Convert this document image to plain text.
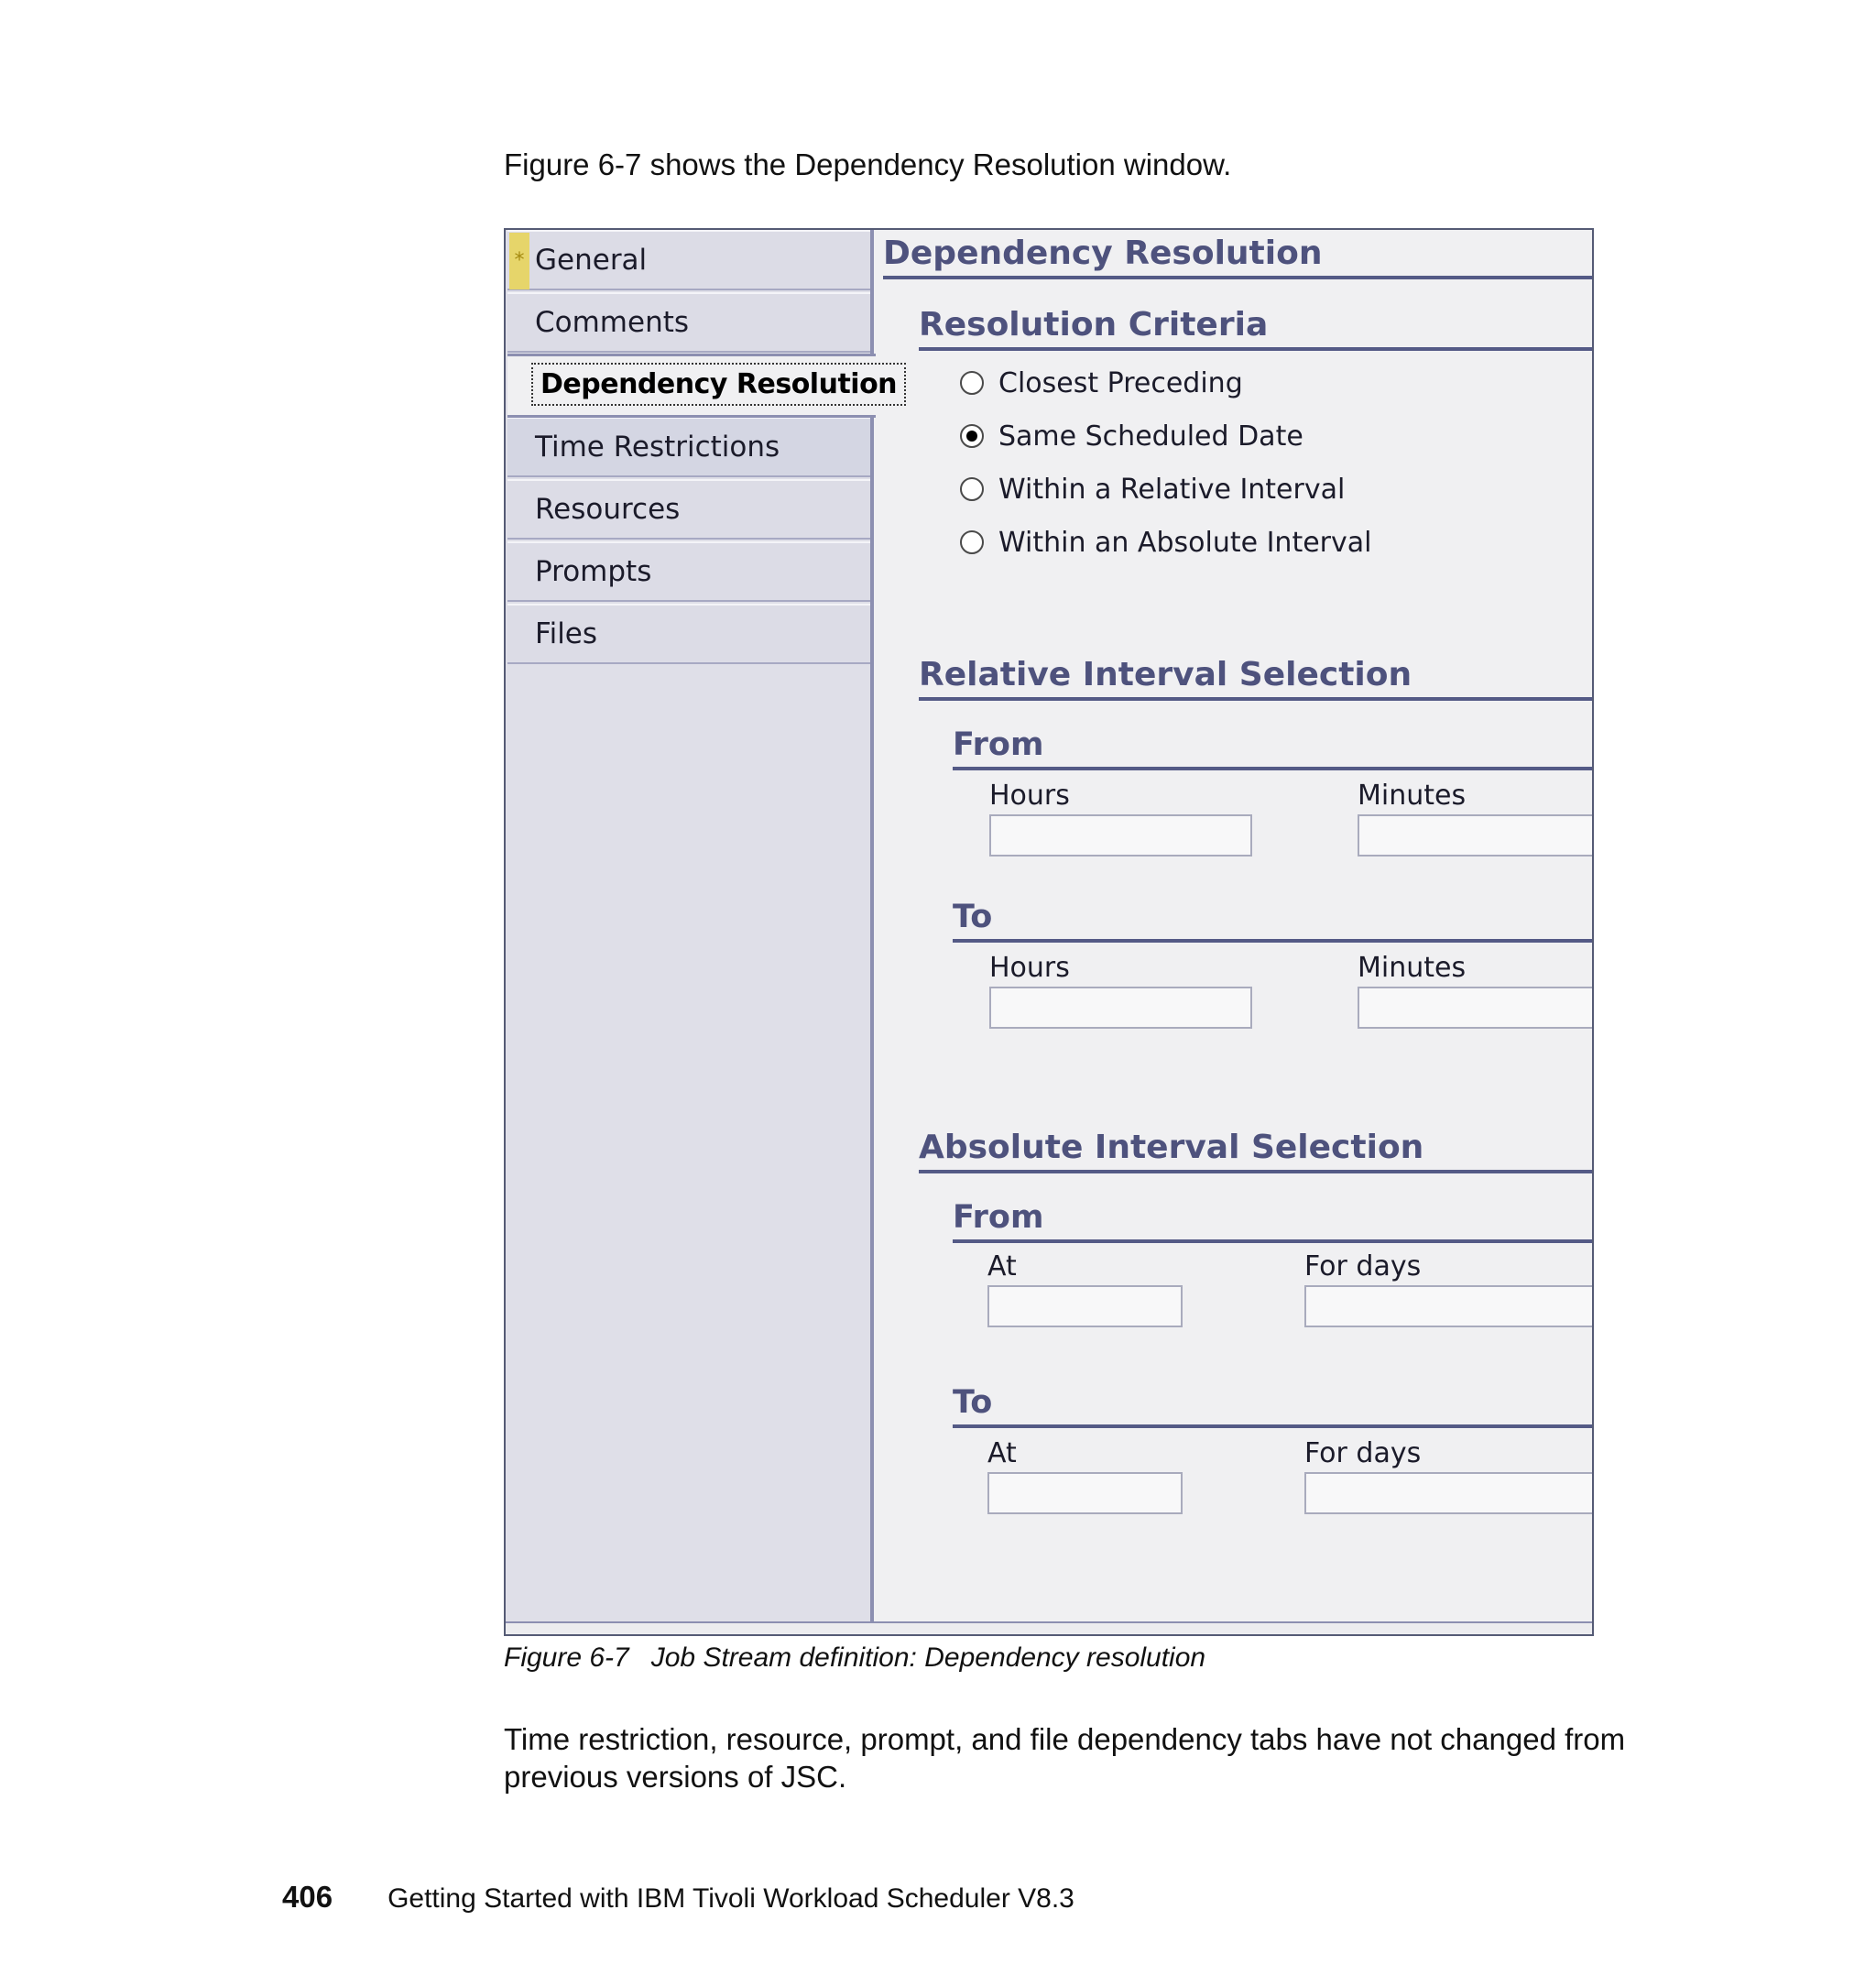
Figure 6-7 shows the Dependency Resolution window.

* General
Comments
Dependency Resolution
Time Restrictions
Resources
Prompts
Files
Dependency Resolution
Resolution Criteria
Closest Preceding
Same Scheduled Date
Within a Relative Interval
Within an Absolute Interval
Relative Interval Selection
From
Hours	Minutes
To
Hours	Minutes
Absolute Interval Selection
From
At	For days
To
At	For days

Figure 6-7 Job Stream definition: Dependency resolution

Time restriction, resource, prompt, and file dependency tabs have not changed from previous versions of JSC.

406 Getting Started with IBM Tivoli Workload Scheduler V8.3
